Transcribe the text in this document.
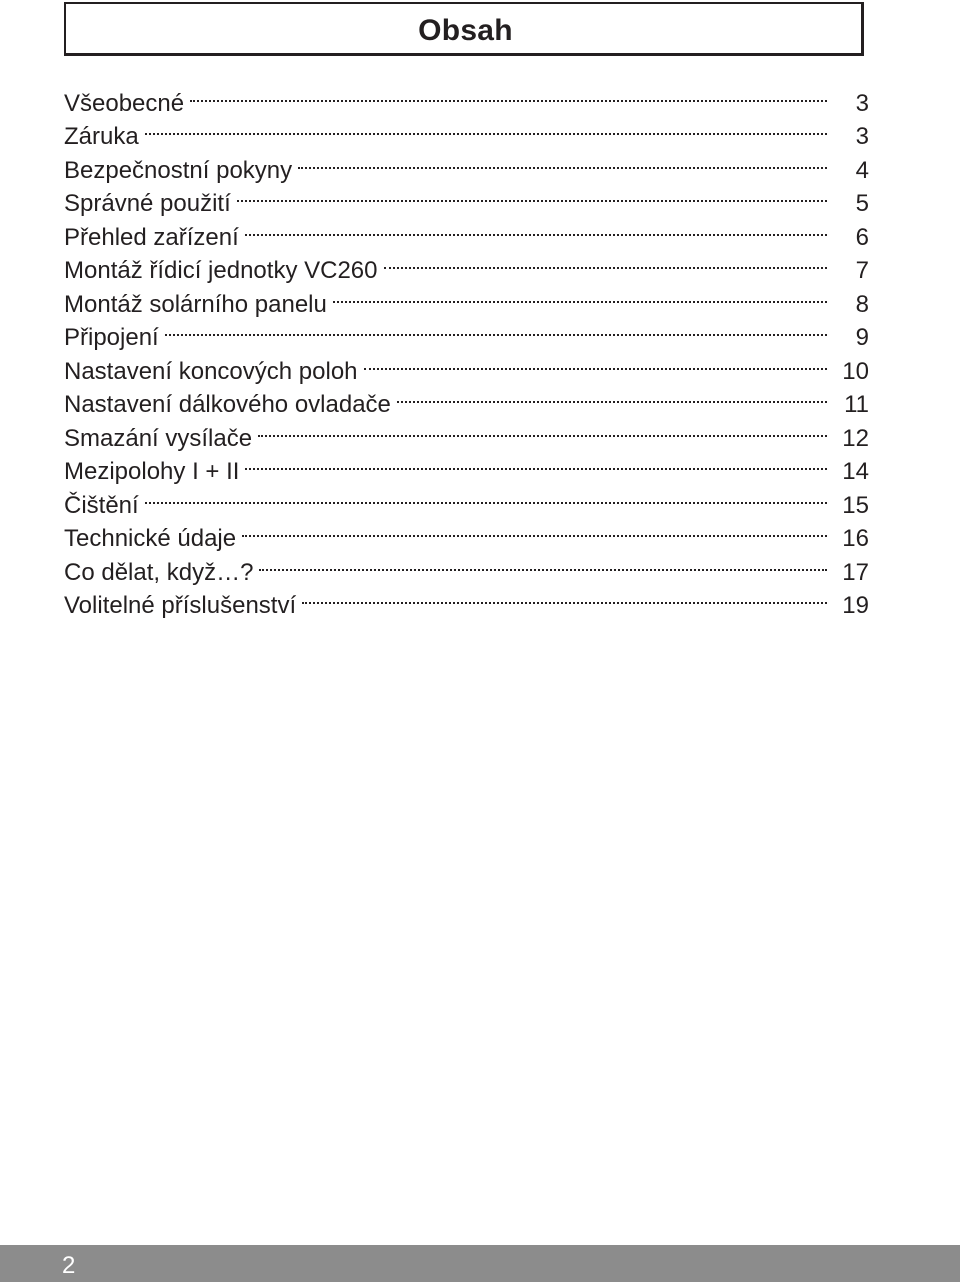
Obsah
Všeobecné	3
Záruka	3
Bezpečnostní pokyny	4
Správné použití	5
Přehled zařízení	6
Montáž řídicí jednotky VC260	7
Montáž solárního panelu	8
Připojení	9
Nastavení koncových poloh	10
Nastavení dálkového ovladače	11
Smazání vysílače	12
Mezipolohy I + II	14
Čištění	15
Technické údaje	16
Co dělat, když…?	17
Volitelné příslušenství	19
2
